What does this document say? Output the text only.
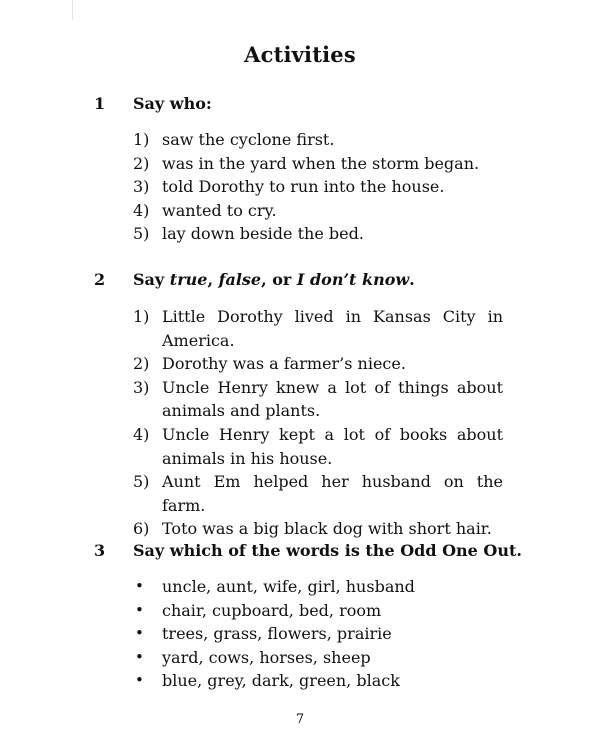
Activities
1 Say who:
1) saw the cyclone first.
2) was in the yard when the storm began.
3) told Dorothy to run into the house.
4) wanted to cry.
5) lay down beside the bed.
2 Say true, false, or I don’t know.
1) Little Dorothy lived in Kansas City in America.
2) Dorothy was a farmer’s niece.
3) Uncle Henry knew a lot of things about animals and plants.
4) Uncle Henry kept a lot of books about animals in his house.
5) Aunt Em helped her husband on the farm.
6) Toto was a big black dog with short hair.
3 Say which of the words is the Odd One Out.
• uncle, aunt, wife, girl, husband
• chair, cupboard, bed, room
• trees, grass, flowers, prairie
• yard, cows, horses, sheep
• blue, grey, dark, green, black
7
